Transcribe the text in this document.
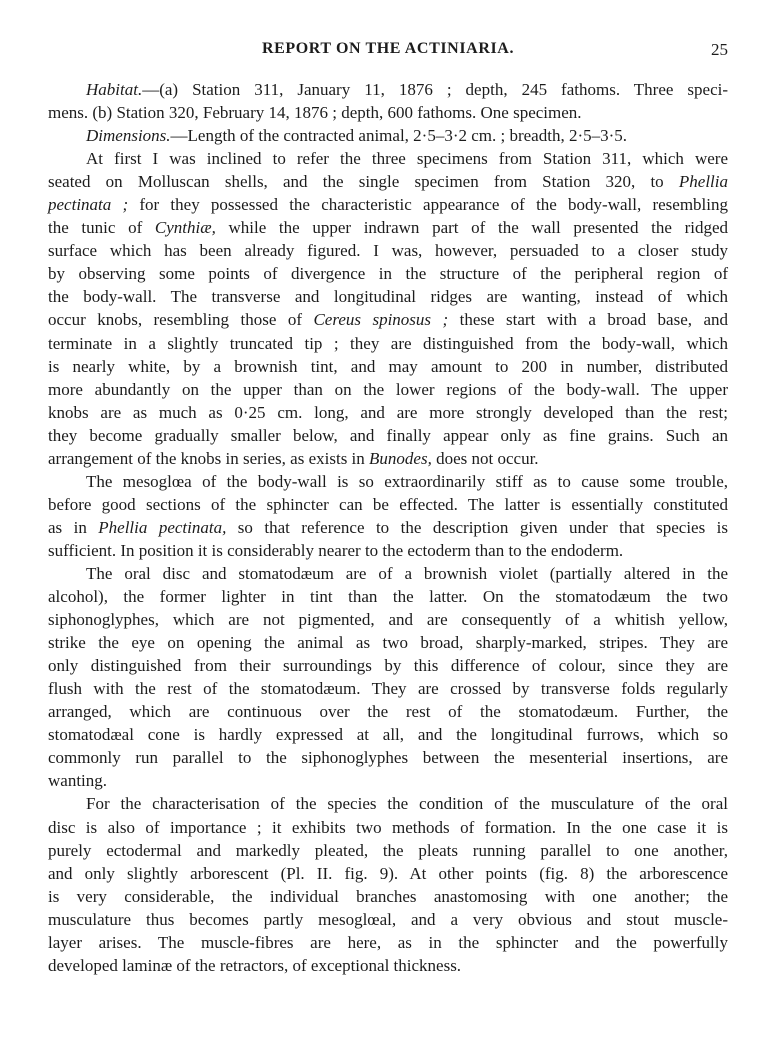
REPORT ON THE ACTINIARIA.	25
Habitat.—(a) Station 311, January 11, 1876 ; depth, 245 fathoms. Three speci-
mens. (b) Station 320, February 14, 1876 ; depth, 600 fathoms. One specimen.
Dimensions.—Length of the contracted animal, 2·5–3·2 cm. ; breadth, 2·5–3·5.
At first I was inclined to refer the three specimens from Station 311, which were
seated on Molluscan shells, and the single specimen from Station 320, to Phellia
pectinata ; for they possessed the characteristic appearance of the body-wall, resembling
the tunic of Cynthiæ, while the upper indrawn part of the wall presented the ridged
surface which has been already figured. I was, however, persuaded to a closer study
by observing some points of divergence in the structure of the peripheral region of
the body-wall. The transverse and longitudinal ridges are wanting, instead of which
occur knobs, resembling those of Cereus spinosus ; these start with a broad base, and
terminate in a slightly truncated tip ; they are distinguished from the body-wall, which
is nearly white, by a brownish tint, and may amount to 200 in number, distributed
more abundantly on the upper than on the lower regions of the body-wall. The upper
knobs are as much as 0·25 cm. long, and are more strongly developed than the rest;
they become gradually smaller below, and finally appear only as fine grains. Such an
arrangement of the knobs in series, as exists in Bunodes, does not occur.
The mesoglœa of the body-wall is so extraordinarily stiff as to cause some trouble,
before good sections of the sphincter can be effected. The latter is essentially constituted
as in Phellia pectinata, so that reference to the description given under that species is
sufficient. In position it is considerably nearer to the ectoderm than to the endoderm.
The oral disc and stomatodæum are of a brownish violet (partially altered in the
alcohol), the former lighter in tint than the latter. On the stomatodæum the two
siphonoglyphes, which are not pigmented, and are consequently of a whitish yellow,
strike the eye on opening the animal as two broad, sharply-marked, stripes. They are
only distinguished from their surroundings by this difference of colour, since they are
flush with the rest of the stomatodæum. They are crossed by transverse folds regularly
arranged, which are continuous over the rest of the stomatodæum. Further, the
stomatodæal cone is hardly expressed at all, and the longitudinal furrows, which so
commonly run parallel to the siphonoglyphes between the mesenterial insertions, are
wanting.
For the characterisation of the species the condition of the musculature of the oral
disc is also of importance ; it exhibits two methods of formation. In the one case it is
purely ectodermal and markedly pleated, the pleats running parallel to one another,
and only slightly arborescent (Pl. II. fig. 9). At other points (fig. 8) the arborescence
is very considerable, the individual branches anastomosing with one another; the
musculature thus becomes partly mesoglœal, and a very obvious and stout muscle-
layer arises. The muscle-fibres are here, as in the sphincter and the powerfully
developed laminæ of the retractors, of exceptional thickness.
